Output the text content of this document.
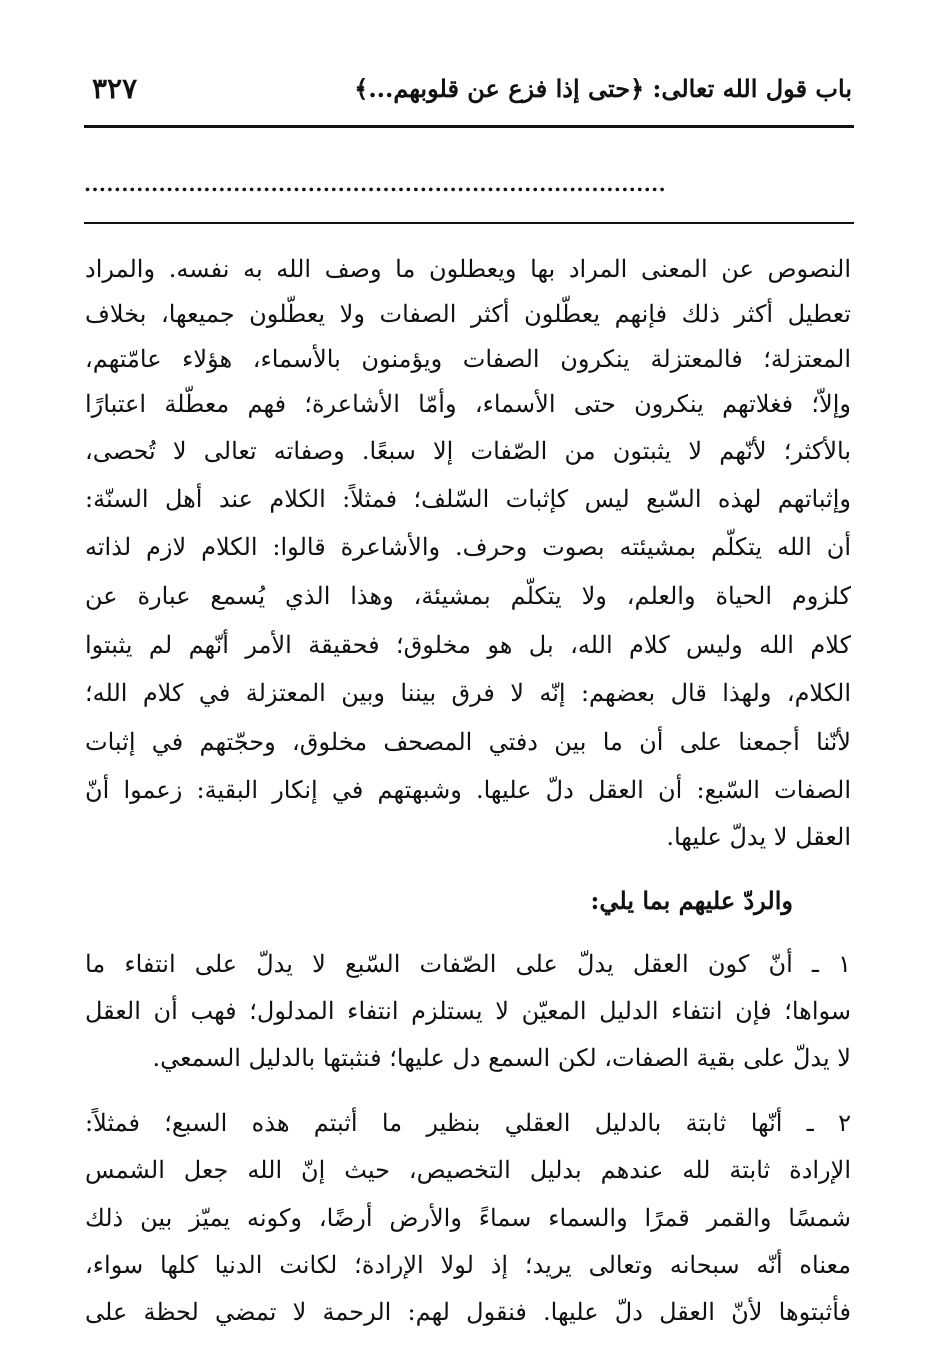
باب قول الله تعالى: ﴿حتى إذا فزع عن قلوبهم...﴾
٣٢٧
..............................................................................
النصوص عن المعنى المراد بها ويعطلون ما وصف الله به نفسه. والمراد
تعطيل أكثر ذلك فإنهم يعطّلون أكثر الصفات ولا يعطّلون جميعها، بخلاف
المعتزلة؛ فالمعتزلة ينكرون الصفات ويؤمنون بالأسماء، هؤلاء عامّتهم،
وإلاّ؛ فغلاتهم ينكرون حتى الأسماء، وأمّا الأشاعرة؛ فهم معطّلة اعتبارًا
بالأكثر؛ لأنّهم لا يثبتون من الصّفات إلا سبعًا. وصفاته تعالى لا تُحصى،
وإثباتهم لهذه السّبع ليس كإثبات السّلف؛ فمثلاً: الكلام عند أهل السنّة:
أن الله يتكلّم بمشيئته بصوت وحرف. والأشاعرة قالوا: الكلام لازم لذاته
كلزوم الحياة والعلم، ولا يتكلّم بمشيئة، وهذا الذي يُسمع عبارة عن
كلام الله وليس كلام الله، بل هو مخلوق؛ فحقيقة الأمر أنّهم لم يثبتوا
الكلام، ولهذا قال بعضهم: إنّه لا فرق بيننا وبين المعتزلة في كلام الله؛
لأنّنا أجمعنا على أن ما بين دفتي المصحف مخلوق، وحجّتهم في إثبات
الصفات السّبع: أن العقل دلّ عليها. وشبهتهم في إنكار البقية: زعموا أنّ
العقل لا يدلّ عليها.
والردّ عليهم بما يلي:
١ ـ أنّ كون العقل يدلّ على الصّفات السّبع لا يدلّ على انتفاء ما
سواها؛ فإن انتفاء الدليل المعيّن لا يستلزم انتفاء المدلول؛ فهب أن العقل
لا يدلّ على بقية الصفات، لكن السمع دل عليها؛ فنثبتها بالدليل السمعي.
٢ ـ أنّها ثابتة بالدليل العقلي بنظير ما أثبتم هذه السبع؛ فمثلاً:
الإرادة ثابتة لله عندهم بدليل التخصيص، حيث إنّ الله جعل الشمس
شمسًا والقمر قمرًا والسماء سماءً والأرض أرضًا، وكونه يميّز بين ذلك
معناه أنّه سبحانه وتعالى يريد؛ إذ لولا الإرادة؛ لكانت الدنيا كلها سواء،
فأثبتوها لأنّ العقل دلّ عليها. فنقول لهم: الرحمة لا تمضي لحظة على
